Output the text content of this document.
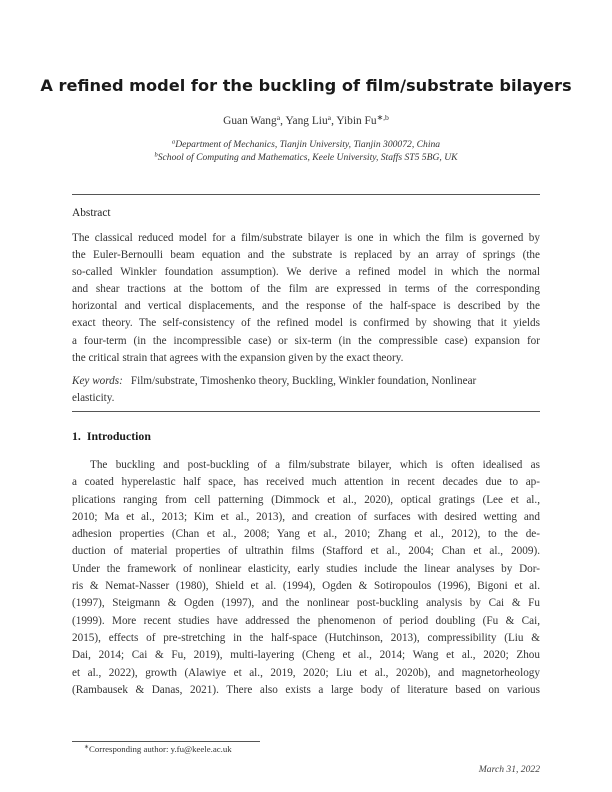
A refined model for the buckling of film/substrate bilayers
Guan Wang$^a$, Yang Liu$^a$, Yibin $Fu^{∗,b}$
$^a$Department of Mechanics, Tianjin University, Tianjin 300072, China
$^b$School of Computing and Mathematics, Keele University, Staffs ST5 5BG, UK
Abstract
The classical reduced model for a film/substrate bilayer is one in which the film is governed by
the Euler-Bernoulli beam equation and the substrate is replaced by an array of springs (the
so-called Winkler foundation assumption). We derive a refined model in which the normal
and shear tractions at the bottom of the film are expressed in terms of the corresponding
horizontal and vertical displacements, and the response of the half-space is described by the
exact theory. The self-consistency of the refined model is confirmed by showing that it yields
a four-term (in the incompressible case) or six-term (in the compressible case) expansion for
the critical strain that agrees with the expansion given by the exact theory.
Key words: Film/substrate, Timoshenko theory, Buckling, Winkler foundation, Nonlinear
elasticity.
1. Introduction
The buckling and post-buckling of a film/substrate bilayer, which is often idealised as
a coated hyperelastic half space, has received much attention in recent decades due to ap-
plications ranging from cell patterning (Dimmock et al., 2020), optical gratings (Lee et al.,
2010; Ma et al., 2013; Kim et al., 2013), and creation of surfaces with desired wetting and
adhesion properties (Chan et al., 2008; Yang et al., 2010; Zhang et al., 2012), to the de-
duction of material properties of ultrathin films (Stafford et al., 2004; Chan et al., 2009).
Under the framework of nonlinear elasticity, early studies include the linear analyses by Dor-
ris & Nemat-Nasser (1980), Shield et al. (1994), Ogden & Sotiropoulos (1996), Bigoni et al.
(1997), Steigmann & Ogden (1997), and the nonlinear post-buckling analysis by Cai & Fu
(1999). More recent studies have addressed the phenomenon of period doubling (Fu & Cai,
2015), effects of pre-stretching in the half-space (Hutchinson, 2013), compressibility (Liu &
Dai, 2014; Cai & Fu, 2019), multi-layering (Cheng et al., 2014; Wang et al., 2020; Zhou
et al., 2022), growth (Alawiye et al., 2019, 2020; Liu et al., 2020b), and magnetorheology
(Rambausek & Danas, 2021). There also exists a large body of literature based on various
∗Corresponding author: y.fu@keele.ac.uk
March 31, 2022
